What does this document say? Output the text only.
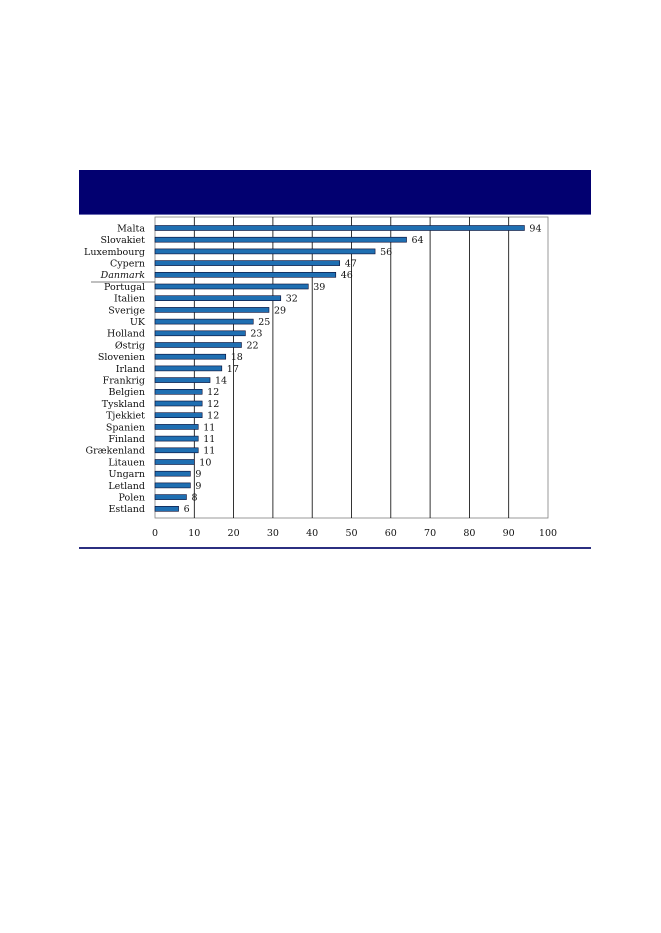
Malta
Slovakiet
Luxembourg
Cypern
Danmark
Portugal
Italien
Sverige
UK
Holland
Østrig
Slovenien
Irland
Frankrig
Belgien
Tyskland
Tjekkiet
Spanien
Finland
Grækenland
Litauen
Ungarn
Letland
Polen
Estland
94
64
56
47
46
39
32
29
25
23
22
18
17
14
12
12
12
11
11
11
10
9
9
8
6
0	10	20	30	40	50	60	70	80	90	100
